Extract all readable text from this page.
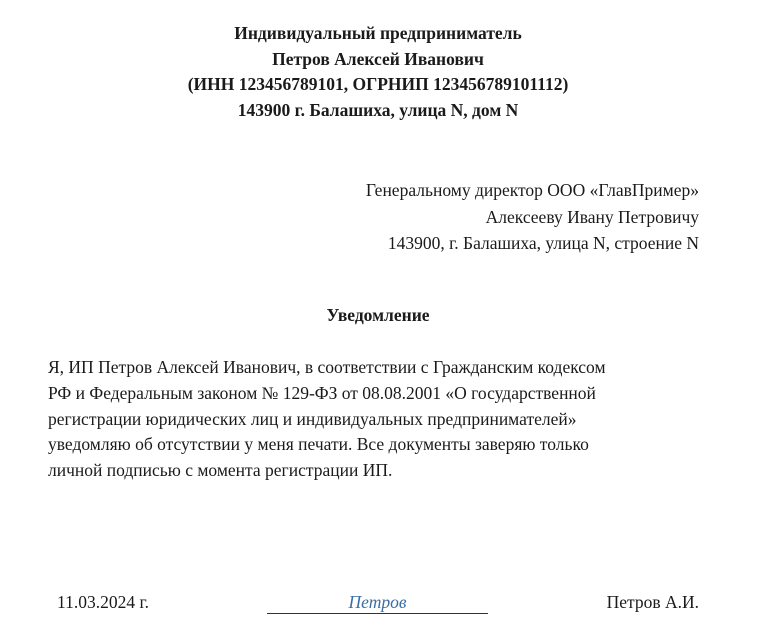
Индивидуальный предприниматель
Петров Алексей Иванович
(ИНН 123456789101, ОГРНИП 123456789101112)
143900 г. Балашиха, улица N, дом N
Генеральному директор ООО «ГлавПример»
Алексееву Ивану Петровичу
143900, г. Балашиха, улица N, строение N
Уведомление
Я, ИП Петров Алексей Иванович, в соответствии с Гражданским кодексом
РФ и Федеральным законом № 129-ФЗ от 08.08.2001 «О государственной
регистрации юридических лиц и индивидуальных предпринимателей»
уведомляю об отсутствии у меня печати. Все документы заверяю только
личной подписью с момента регистрации ИП.
11.03.2024 г.	Петров	Петров А.И.
